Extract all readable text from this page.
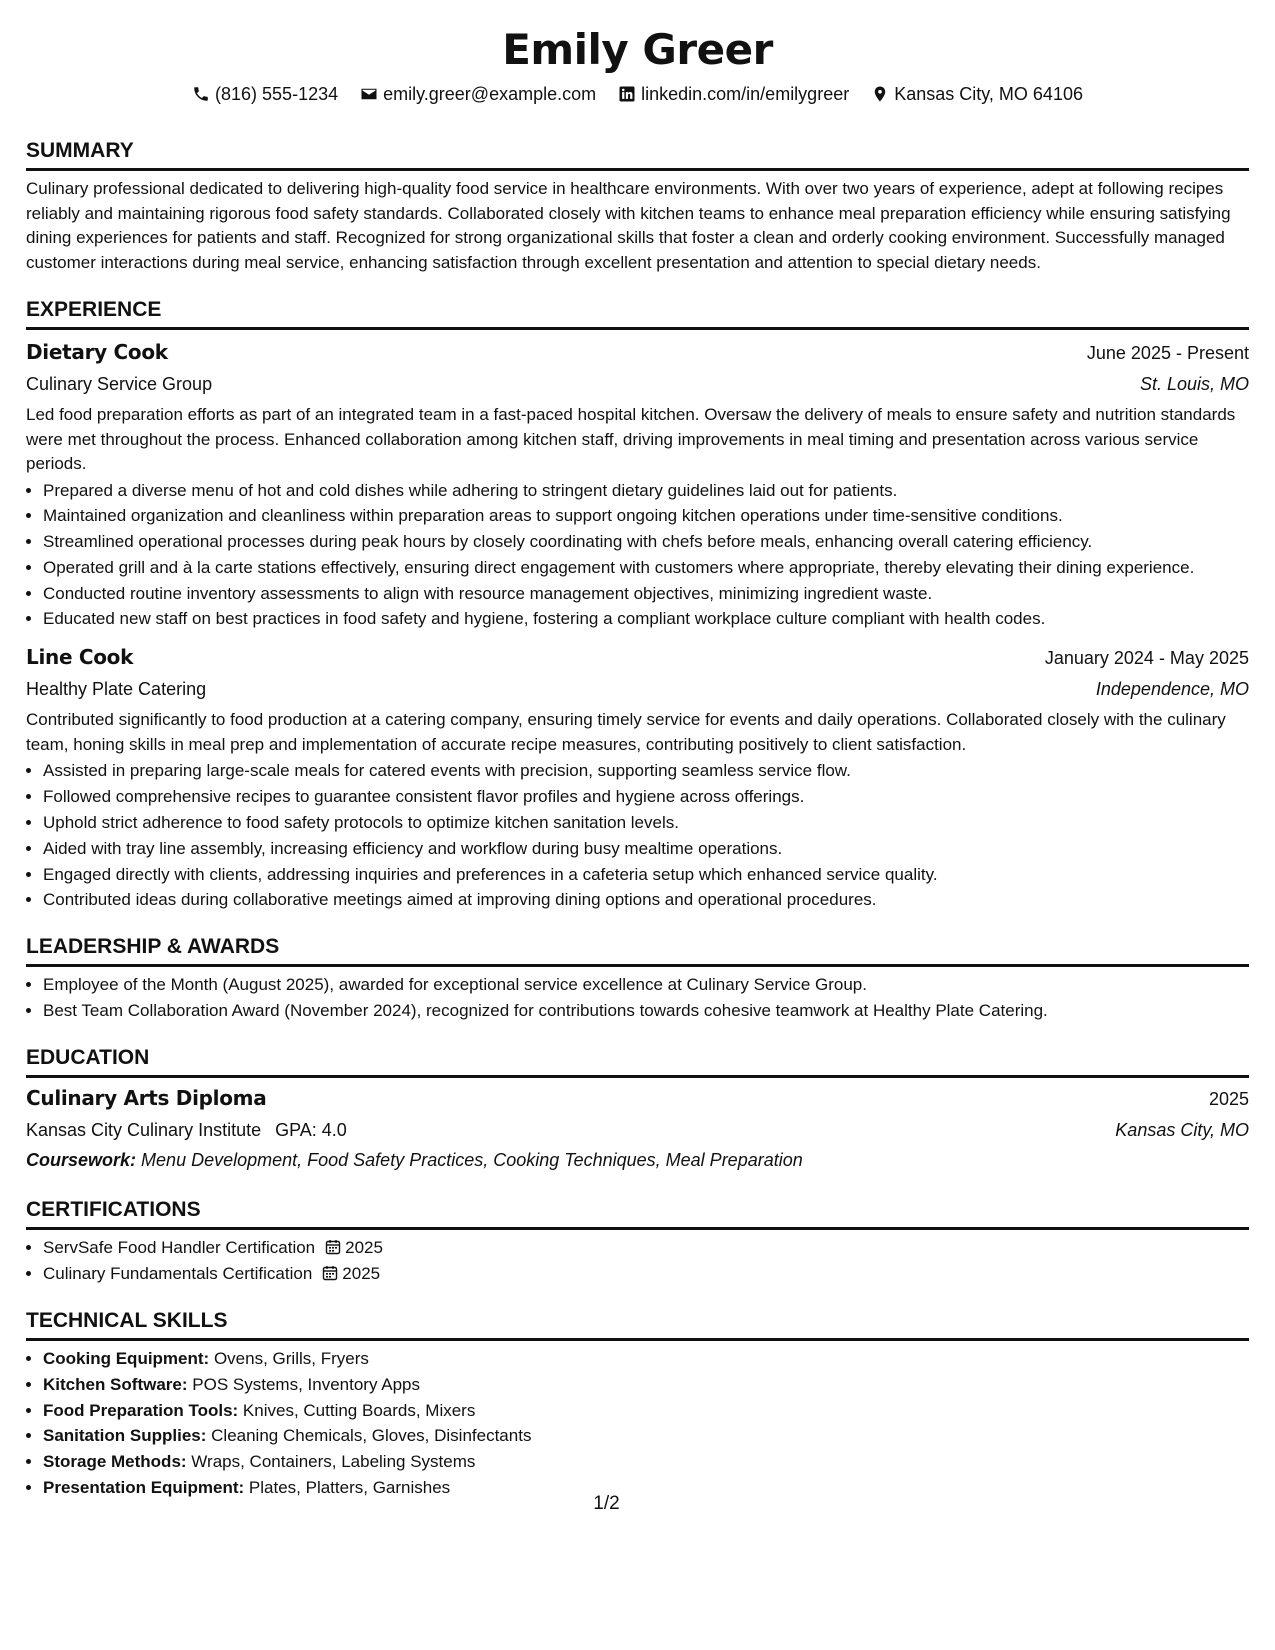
Emily Greer
(816) 555-1234	emily.greer@example.com	linkedin.com/in/emilygreer	Kansas City, MO 64106
SUMMARY

Culinary professional dedicated to delivering high-quality food service in healthcare environments. With over two years of experience, adept at following recipes reliably and maintaining rigorous food safety standards. Collaborated closely with kitchen teams to enhance meal preparation efficiency while ensuring satisfying dining experiences for patients and staff. Recognized for strong organizational skills that foster a clean and orderly cooking environment. Successfully managed customer interactions during meal service, enhancing satisfaction through excellent presentation and attention to special dietary needs.

EXPERIENCE
Dietary Cook	June 2025 - Present
Culinary Service Group	St. Louis, MO

Led food preparation efforts as part of an integrated team in a fast-paced hospital kitchen. Oversaw the delivery of meals to ensure safety and nutrition standards were met throughout the process. Enhanced collaboration among kitchen staff, driving improvements in meal timing and presentation across various service periods.

• Prepared a diverse menu of hot and cold dishes while adhering to stringent dietary guidelines laid out for patients.
• Maintained organization and cleanliness within preparation areas to support ongoing kitchen operations under time-sensitive conditions.
• Streamlined operational processes during peak hours by closely coordinating with chefs before meals, enhancing overall catering efficiency.
• Operated grill and à la carte stations effectively, ensuring direct engagement with customers where appropriate, thereby elevating their dining experience.
• Conducted routine inventory assessments to align with resource management objectives, minimizing ingredient waste.
• Educated new staff on best practices in food safety and hygiene, fostering a compliant workplace culture compliant with health codes.
Line Cook	January 2024 - May 2025
Healthy Plate Catering	Independence, MO

Contributed significantly to food production at a catering company, ensuring timely service for events and daily operations. Collaborated closely with the culinary team, honing skills in meal prep and implementation of accurate recipe measures, contributing positively to client satisfaction.

• Assisted in preparing large-scale meals for catered events with precision, supporting seamless service flow.
• Followed comprehensive recipes to guarantee consistent flavor profiles and hygiene across offerings.
• Uphold strict adherence to food safety protocols to optimize kitchen sanitation levels.
• Aided with tray line assembly, increasing efficiency and workflow during busy mealtime operations.
• Engaged directly with clients, addressing inquiries and preferences in a cafeteria setup which enhanced service quality.
• Contributed ideas during collaborative meetings aimed at improving dining options and operational procedures.
LEADERSHIP & AWARDS
• Employee of the Month (August 2025), awarded for exceptional service excellence at Culinary Service Group.
• Best Team Collaboration Award (November 2024), recognized for contributions towards cohesive teamwork at Healthy Plate Catering.
EDUCATION
Culinary Arts Diploma	2025
Kansas City Culinary Institute GPA: 4.0	Kansas City, MO
Coursework: Menu Development, Food Safety Practices, Cooking Techniques, Meal Preparation
CERTIFICATIONS
• ServSafe Food Handler Certification 2025
• Culinary Fundamentals Certification 2025
TECHNICAL SKILLS
• Cooking Equipment: Ovens, Grills, Fryers
• Kitchen Software: POS Systems, Inventory Apps
• Food Preparation Tools: Knives, Cutting Boards, Mixers
• Sanitation Supplies: Cleaning Chemicals, Gloves, Disinfectants
• Storage Methods: Wraps, Containers, Labeling Systems
• Presentation Equipment: Plates, Platters, Garnishes
1/2
